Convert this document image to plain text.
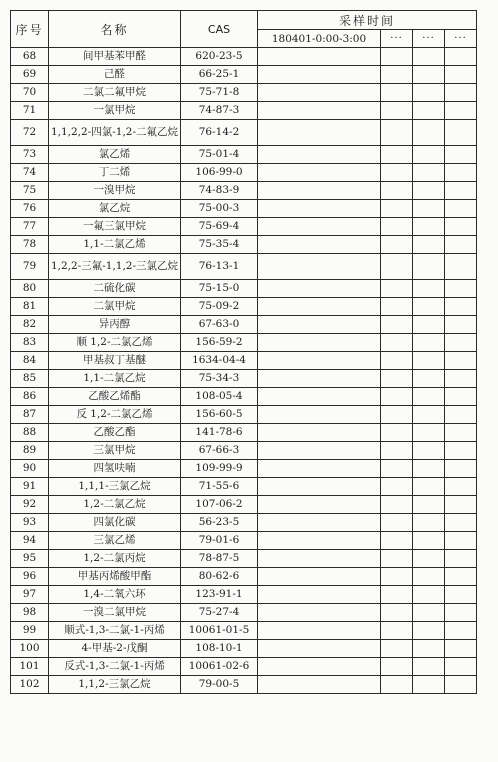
序号	名称	CAS	采样时间			
			180401-0:00-3:00	···	···	···
68	间甲基苯甲醛	620-23-5				
69	己醛	66-25-1				
70	二氯二氟甲烷	75-71-8				
71	一氯甲烷	74-87-3				
72	1,1,2,2-四氯-1,2-二氟乙烷	76-14-2				
73	氯乙烯	75-01-4				
74	丁二烯	106-99-0				
75	一溴甲烷	74-83-9				
76	氯乙烷	75-00-3				
77	一氟三氯甲烷	75-69-4				
78	1,1-二氯乙烯	75-35-4				
79	1,2,2-三氟-1,1,2-三氯乙烷	76-13-1				
80	二硫化碳	75-15-0				
81	二氯甲烷	75-09-2				
82	异丙醇	67-63-0				
83	顺 1,2-二氯乙烯	156-59-2				
84	甲基叔丁基醚	1634-04-4				
85	1,1-二氯乙烷	75-34-3				
86	乙酸乙烯酯	108-05-4				
87	反 1,2-二氯乙烯	156-60-5				
88	乙酸乙酯	141-78-6				
89	三氯甲烷	67-66-3				
90	四氢呋喃	109-99-9				
91	1,1,1-三氯乙烷	71-55-6				
92	1,2-二氯乙烷	107-06-2				
93	四氯化碳	56-23-5				
94	三氯乙烯	79-01-6				
95	1,2-二氯丙烷	78-87-5				
96	甲基丙烯酸甲酯	80-62-6				
97	1,4-二氧六环	123-91-1				
98	一溴二氯甲烷	75-27-4				
99	顺式-1,3-二氯-1-丙烯	10061-01-5				
100	4-甲基-2-戊酮	108-10-1				
101	反式-1,3-二氯-1-丙烯	10061-02-6				
102	1,1,2-三氯乙烷	79-00-5				
